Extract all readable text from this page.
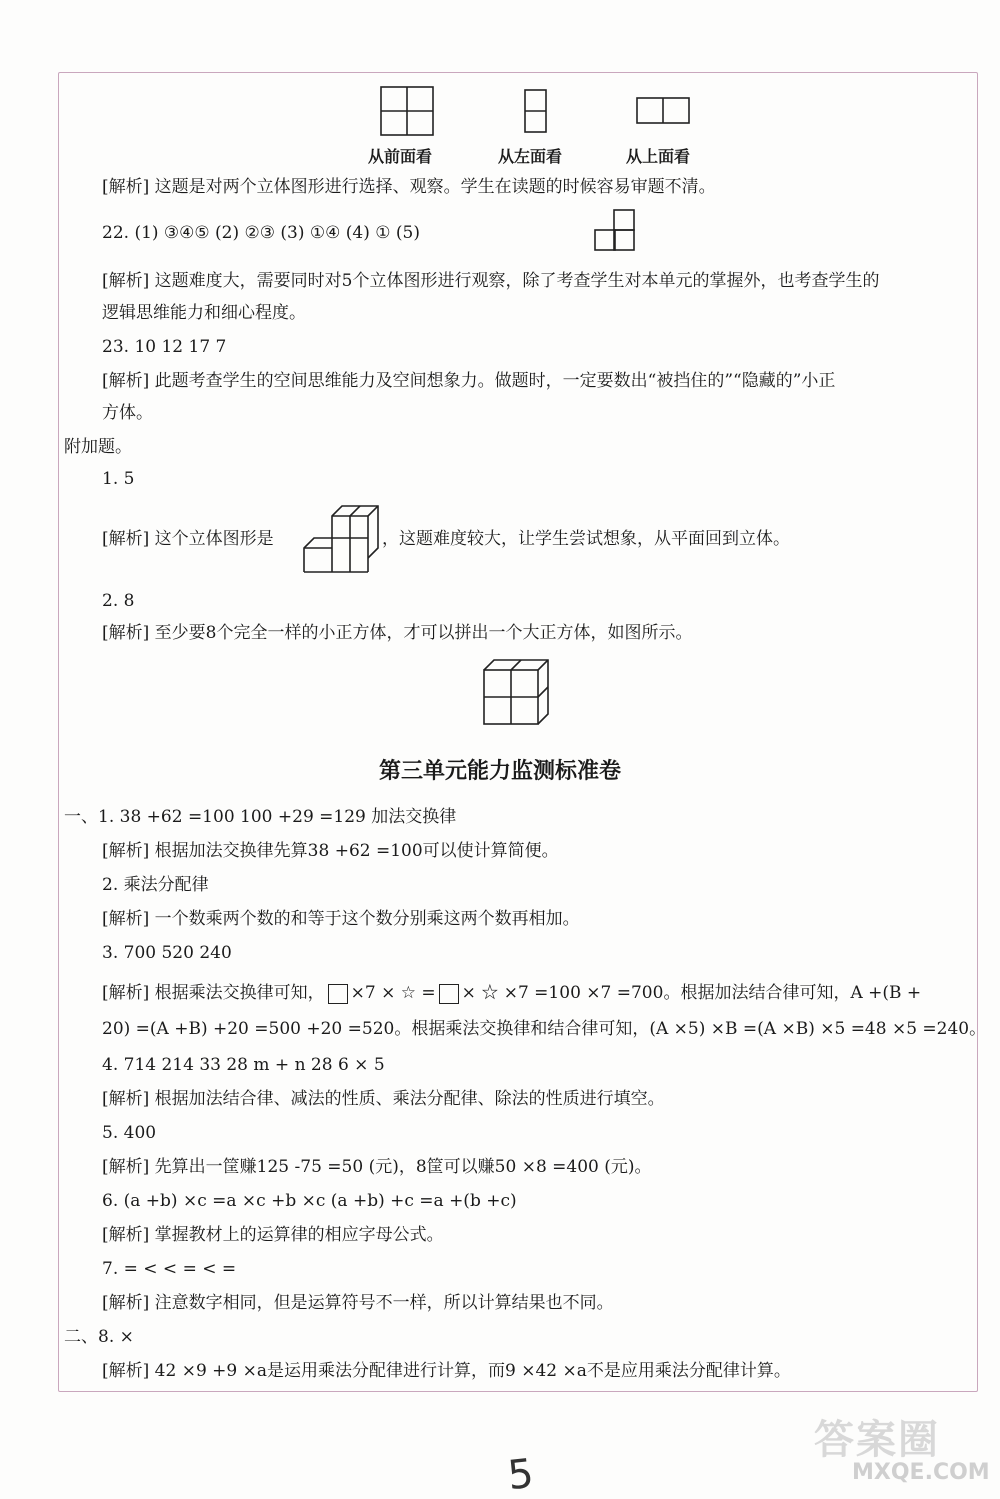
从前面看	从左面看	从上面看
[解析] 这题是对两个立体图形进行选择、观察。学生在读题的时候容易审题不清。
22. (1) ③④⑤ (2) ②③ (3) ①④ (4) ① (5)
[解析] 这题难度大，需要同时对5个立体图形进行观察，除了考查学生对本单元的掌握外，也考查学生的
逻辑思维能力和细心程度。
23. 10 12 17 7
[解析] 此题考查学生的空间思维能力及空间想象力。做题时，一定要数出“被挡住的”“隐藏的”小正
方体。
附加题。
1. 5
[解析] 这个立体图形是	，这题难度较大，让学生尝试想象，从平面回到立体。
2. 8
[解析] 至少要8个完全一样的小正方体，才可以拼出一个大正方体，如图所示。
第三单元能力监测标准卷
一、1. 38 +62 =100 100 +29 =129 加法交换律
[解析] 根据加法交换律先算38 +62 =100可以使计算简便。
2. 乘法分配律
[解析] 一个数乘两个数的和等于这个数分别乘这两个数再相加。
3. 700 520 240
[解析] 根据乘法交换律可知， ×7 × ☆ = × ☆ ×7 =100 ×7 =700。根据加法结合律可知，A +(B +
20) =(A +B) +20 =500 +20 =520。根据乘法交换律和结合律可知，(A ×5) ×B =(A ×B) ×5 =48 ×5 =240。
4. 714 214 33 28 m + n 28 6 × 5
[解析] 根据加法结合律、减法的性质、乘法分配律、除法的性质进行填空。
5. 400
[解析] 先算出一筐赚125 -75 =50 (元)，8筐可以赚50 ×8 =400 (元)。
6. (a +b) ×c =a ×c +b ×c (a +b) +c =a +(b +c)
[解析] 掌握教材上的运算律的相应字母公式。
7. = < < = < =
[解析] 注意数字相同，但是运算符号不一样，所以计算结果也不同。
二、8. ×
[解析] 42 ×9 +9 ×a是运用乘法分配律进行计算，而9 ×42 ×a不是应用乘法分配律计算。
5
答案圈
MXQE.COM
